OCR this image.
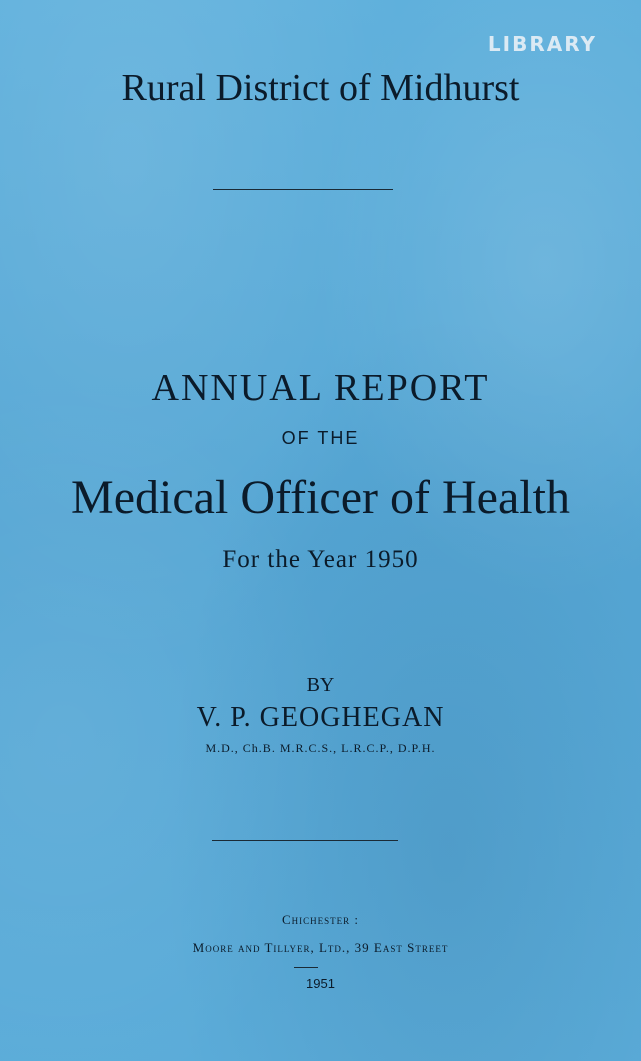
LIBRARY
Rural District of Midhurst
ANNUAL REPORT
OF THE
Medical Officer of Health
For the Year 1950
BY
V. P. GEOGHEGAN
M.D., Ch.B. M.R.C.S., L.R.C.P., D.P.H.
Chichester :
Moore and Tillyer, Ltd., 39 East Street
1951
